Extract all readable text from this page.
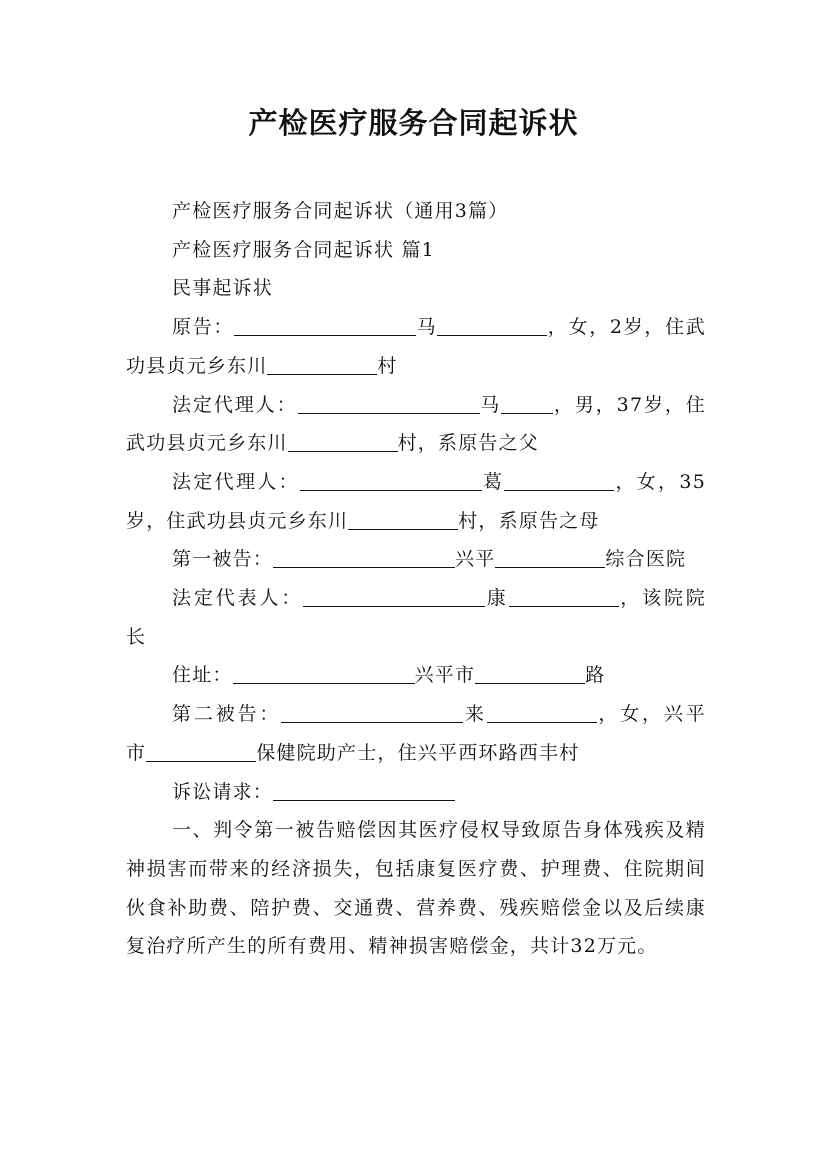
产检医疗服务合同起诉状

产检医疗服务合同起诉状（通用3篇）

产检医疗服务合同起诉状 篇1

民事起诉状

原告：	马	，女，2岁，住武功县贞元乡东川	村

法定代理人：	马	，男，37岁，住武功县贞元乡东川	村，系原告之父

法定代理人：	葛	，女，35岁，住武功县贞元乡东川	村，系原告之母

第一被告：	兴平	综合医院

法定代表人：	康	，该院院长

住址：	兴平市	路

第二被告：	来	，女，兴平市	保健院助产士，住兴平西环路西丰村

诉讼请求：

一、判令第一被告赔偿因其医疗侵权导致原告身体残疾及精神损害而带来的经济损失，包括康复医疗费、护理费、住院期间伙食补助费、陪护费、交通费、营养费、残疾赔偿金以及后续康复治疗所产生的所有费用、精神损害赔偿金，共计32万元。
